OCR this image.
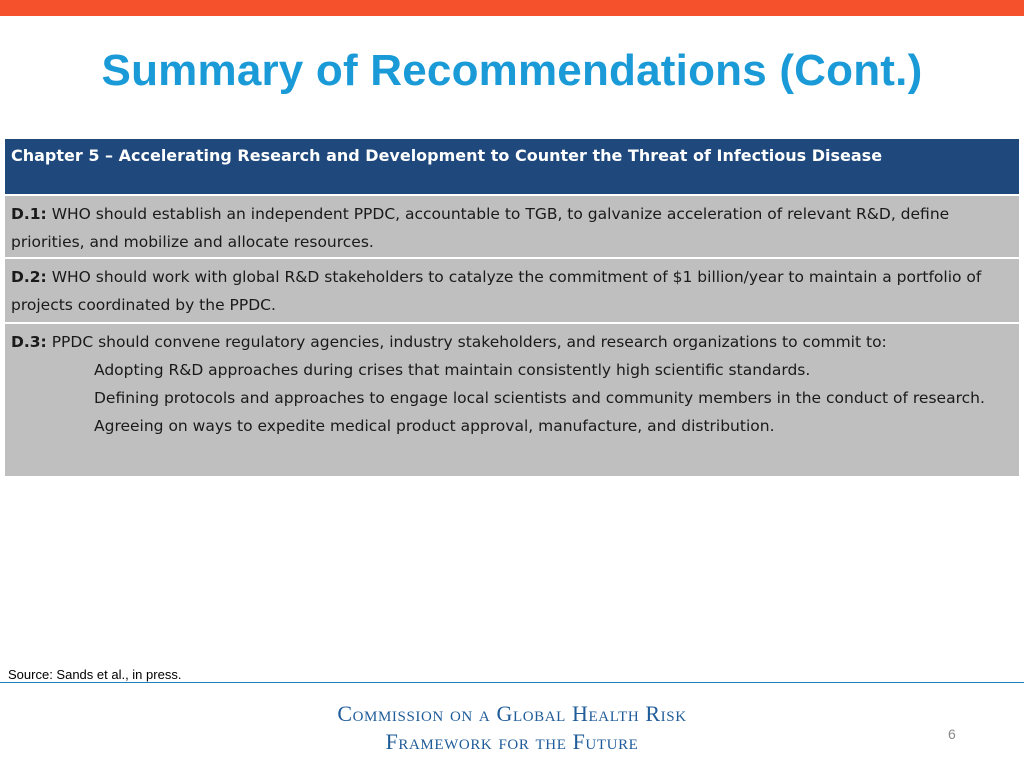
Summary of Recommendations (Cont.)
Chapter 5 – Accelerating Research and Development to Counter the Threat of Infectious Disease
D.1: WHO should establish an independent PPDC, accountable to TGB, to galvanize acceleration of relevant R&D, define priorities, and mobilize and allocate resources.
D.2: WHO should work with global R&D stakeholders to catalyze the commitment of $1 billion/year to maintain a portfolio of projects coordinated by the PPDC.
D.3: PPDC should convene regulatory agencies, industry stakeholders, and research organizations to commit to:
Adopting R&D approaches during crises that maintain consistently high scientific standards.
Defining protocols and approaches to engage local scientists and community members in the conduct of research.
Agreeing on ways to expedite medical product approval, manufacture, and distribution.
Source: Sands et al., in press.
Commission on a Global Health Risk
Framework for the Future	6
